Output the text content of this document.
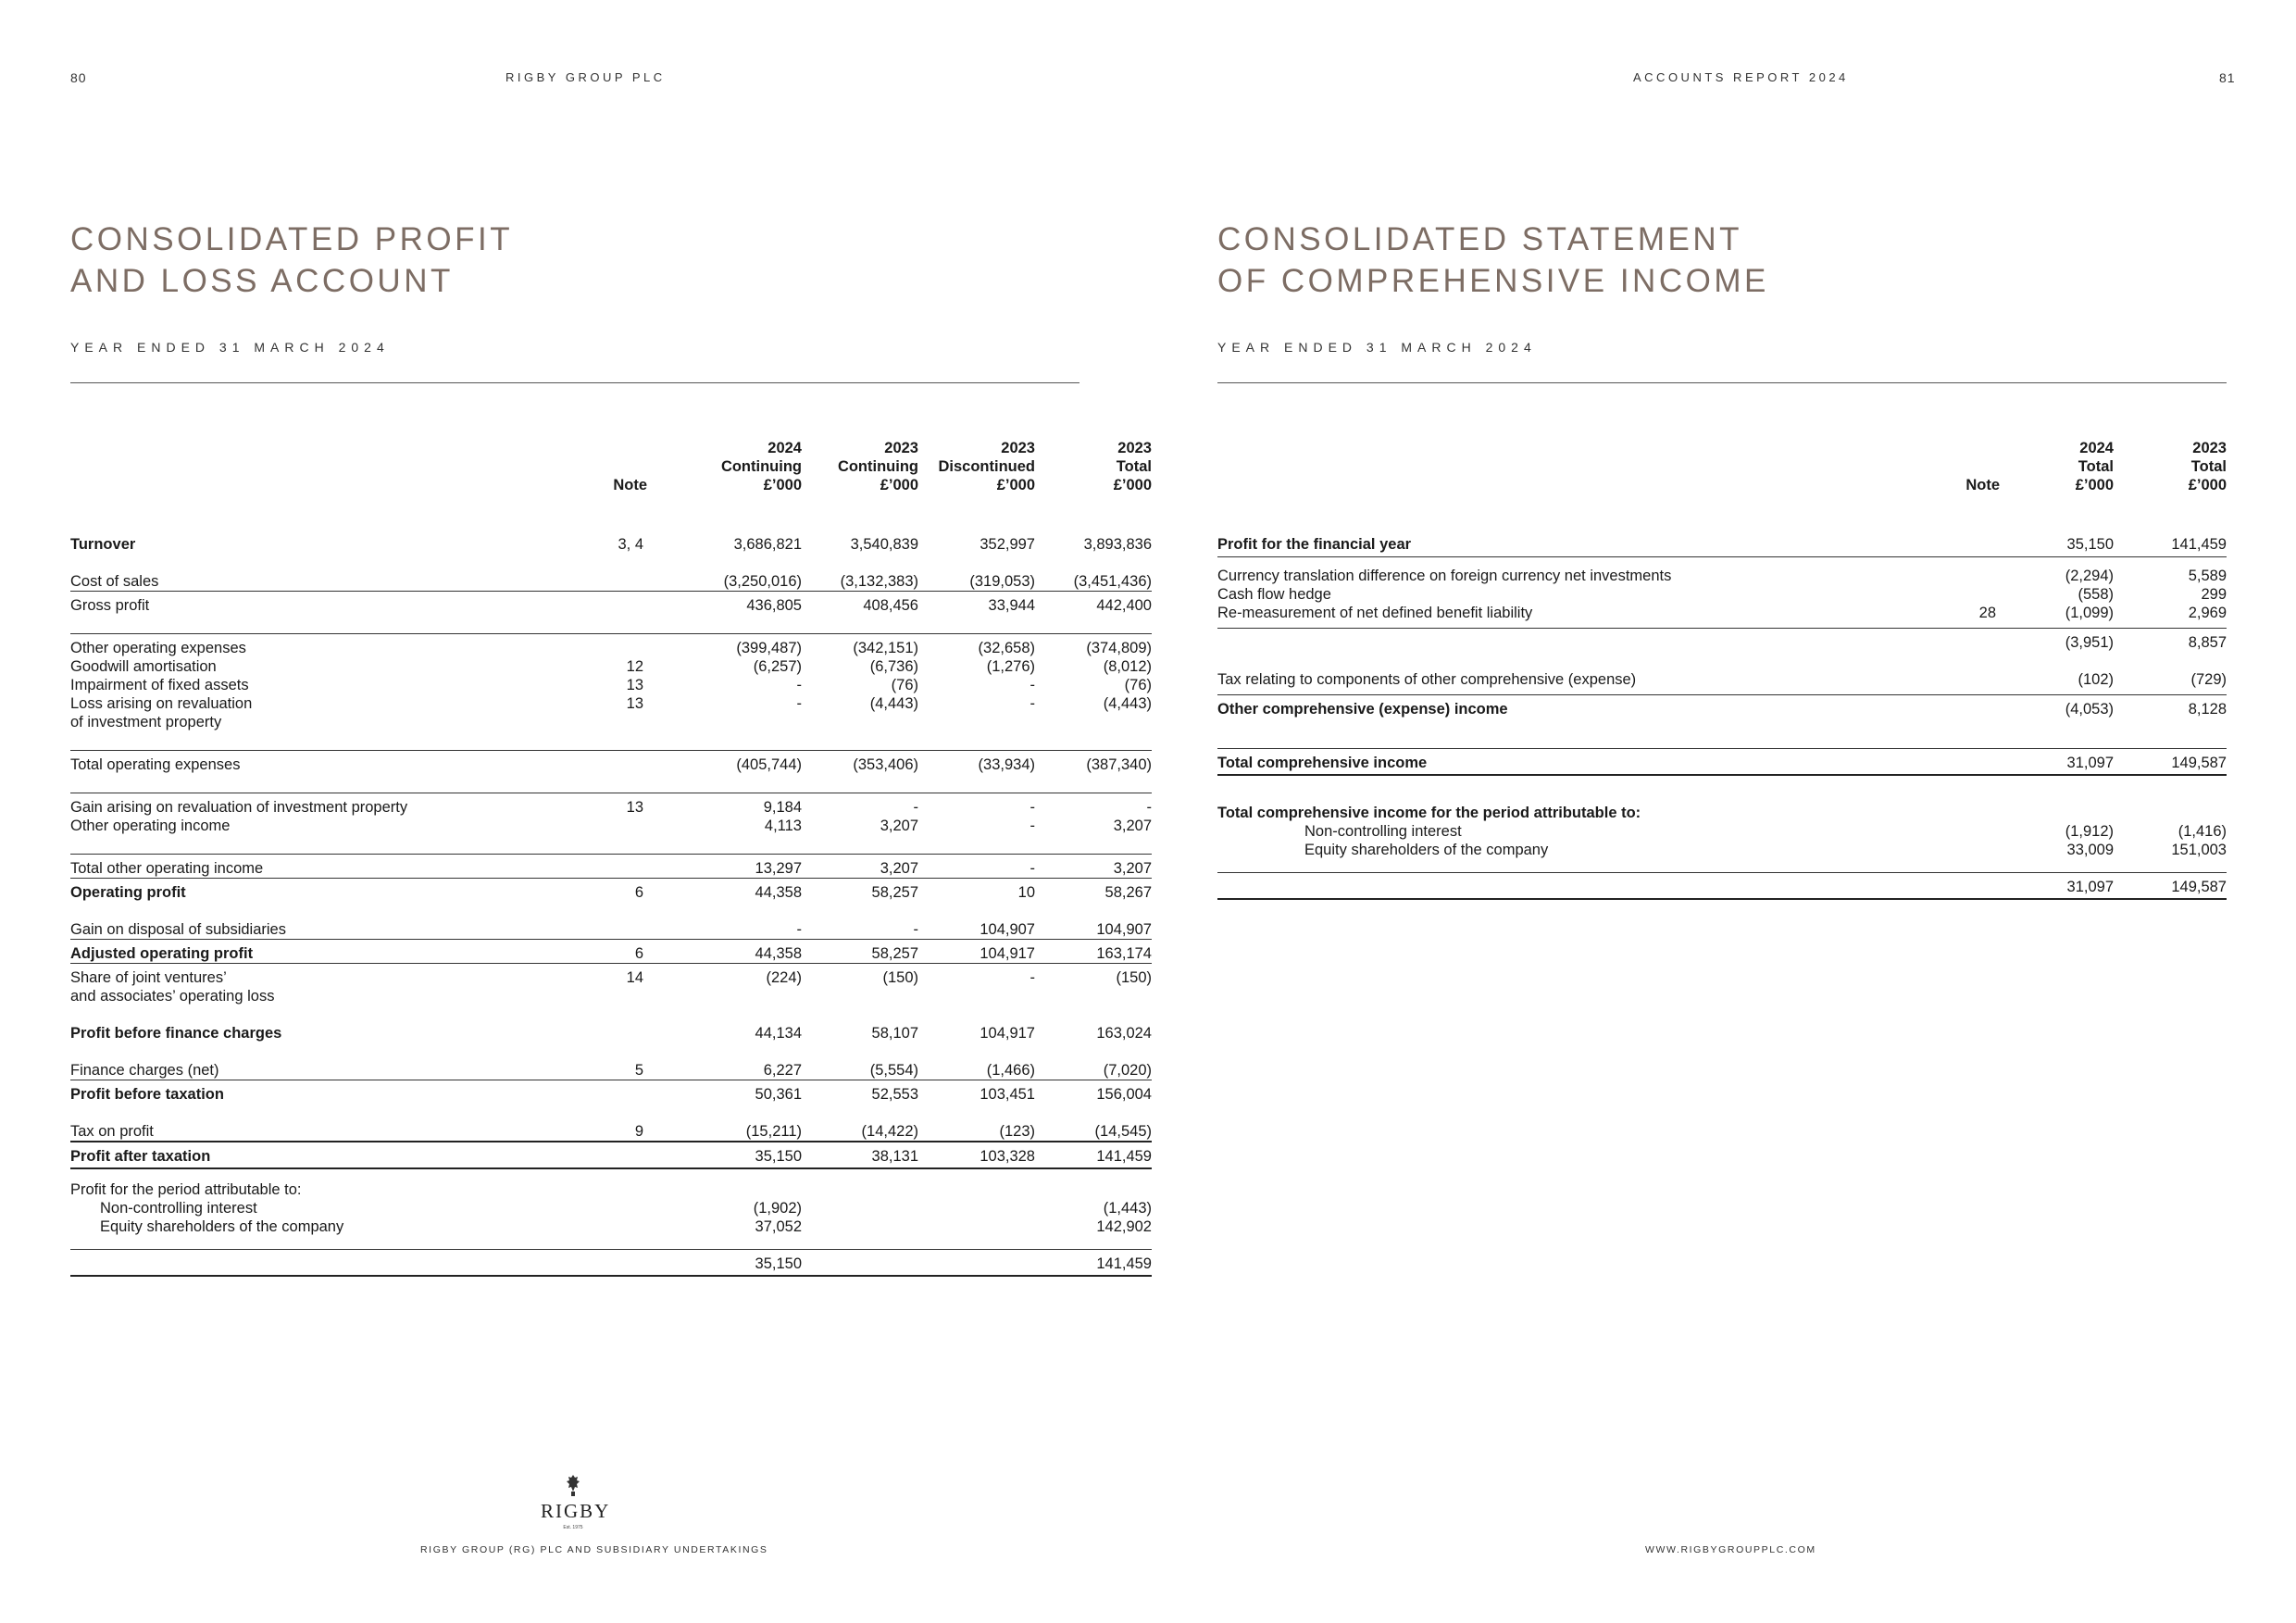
80	RIGBY GROUP PLC
CONSOLIDATED PROFIT
AND LOSS ACCOUNT
YEAR ENDED 31 MARCH 2024
	Note	2024
Continuing
£’000	2023
Continuing
£’000	2023
Discontinued
£’000	2023
Total
£’000

Turnover	3, 4	3,686,821	3,540,839	352,997	3,893,836

Cost of sales		(3,250,016)	(3,132,383)	(319,053)	(3,451,436)
Gross profit		436,805	408,456	33,944	442,400

Other operating expenses		(399,487)	(342,151)	(32,658)	(374,809)
Goodwill amortisation	12	(6,257)	(6,736)	(1,276)	(8,012)
Impairment of fixed assets	13	-	(76)	-	(76)

Loss arising on revaluation
of investment property	13	-	(4,443)	-	(4,443)

Total operating expenses		(405,744)	(353,406)	(33,934)	(387,340)

Gain arising on revaluation of investment property	13	9,184	-	-	-
Other operating income		4,113	3,207	-	3,207

Total other operating income		13,297	3,207	-	3,207
Operating profit	6	44,358	58,257	10	58,267

Gain on disposal of subsidiaries		-	-	104,907	104,907
Adjusted operating profit	6	44,358	58,257	104,917	163,174

Share of joint ventures’
and associates’ operating loss	14	(224)	(150)	-	(150)

Profit before finance charges		44,134	58,107	104,917	163,024

Finance charges (net)	5	6,227	(5,554)	(1,466)	(7,020)
Profit before taxation		50,361	52,553	103,451	156,004

Tax on profit	9	(15,211)	(14,422)	(123)	(14,545)
Profit after taxation		35,150	38,131	103,328	141,459

Profit for the period attributable to:					

Non-controlling interest		(1,902)			(1,443)

Equity shareholders of the company		37,052			142,902

		35,150			141,459
RIGBY
Est. 1975
RIGBY GROUP (RG) PLC AND SUBSIDIARY UNDERTAKINGS
ACCOUNTS REPORT 2024	81
CONSOLIDATED STATEMENT
OF COMPREHENSIVE INCOME
YEAR ENDED 31 MARCH 2024
WWW.RIGBYGROUPPLC.COM
	Note	2024
Total
£’000	2023
Total
£’000

Profit for the financial year		35,150	141,459

Currency translation difference on foreign currency net investments		(2,294)	5,589
Cash flow hedge		(558)	299
Re-measurement of net defined benefit liability	28	(1,099)	2,969
		(3,951)	8,857

Tax relating to components of other comprehensive (expense)		(102)	(729)
Other comprehensive (expense) income		(4,053)	8,128

Total comprehensive income		31,097	149,587

Total comprehensive income for the period attributable to:			

Non-controlling interest		(1,912)	(1,416)

Equity shareholders of the company		33,009	151,003

		31,097	149,587
